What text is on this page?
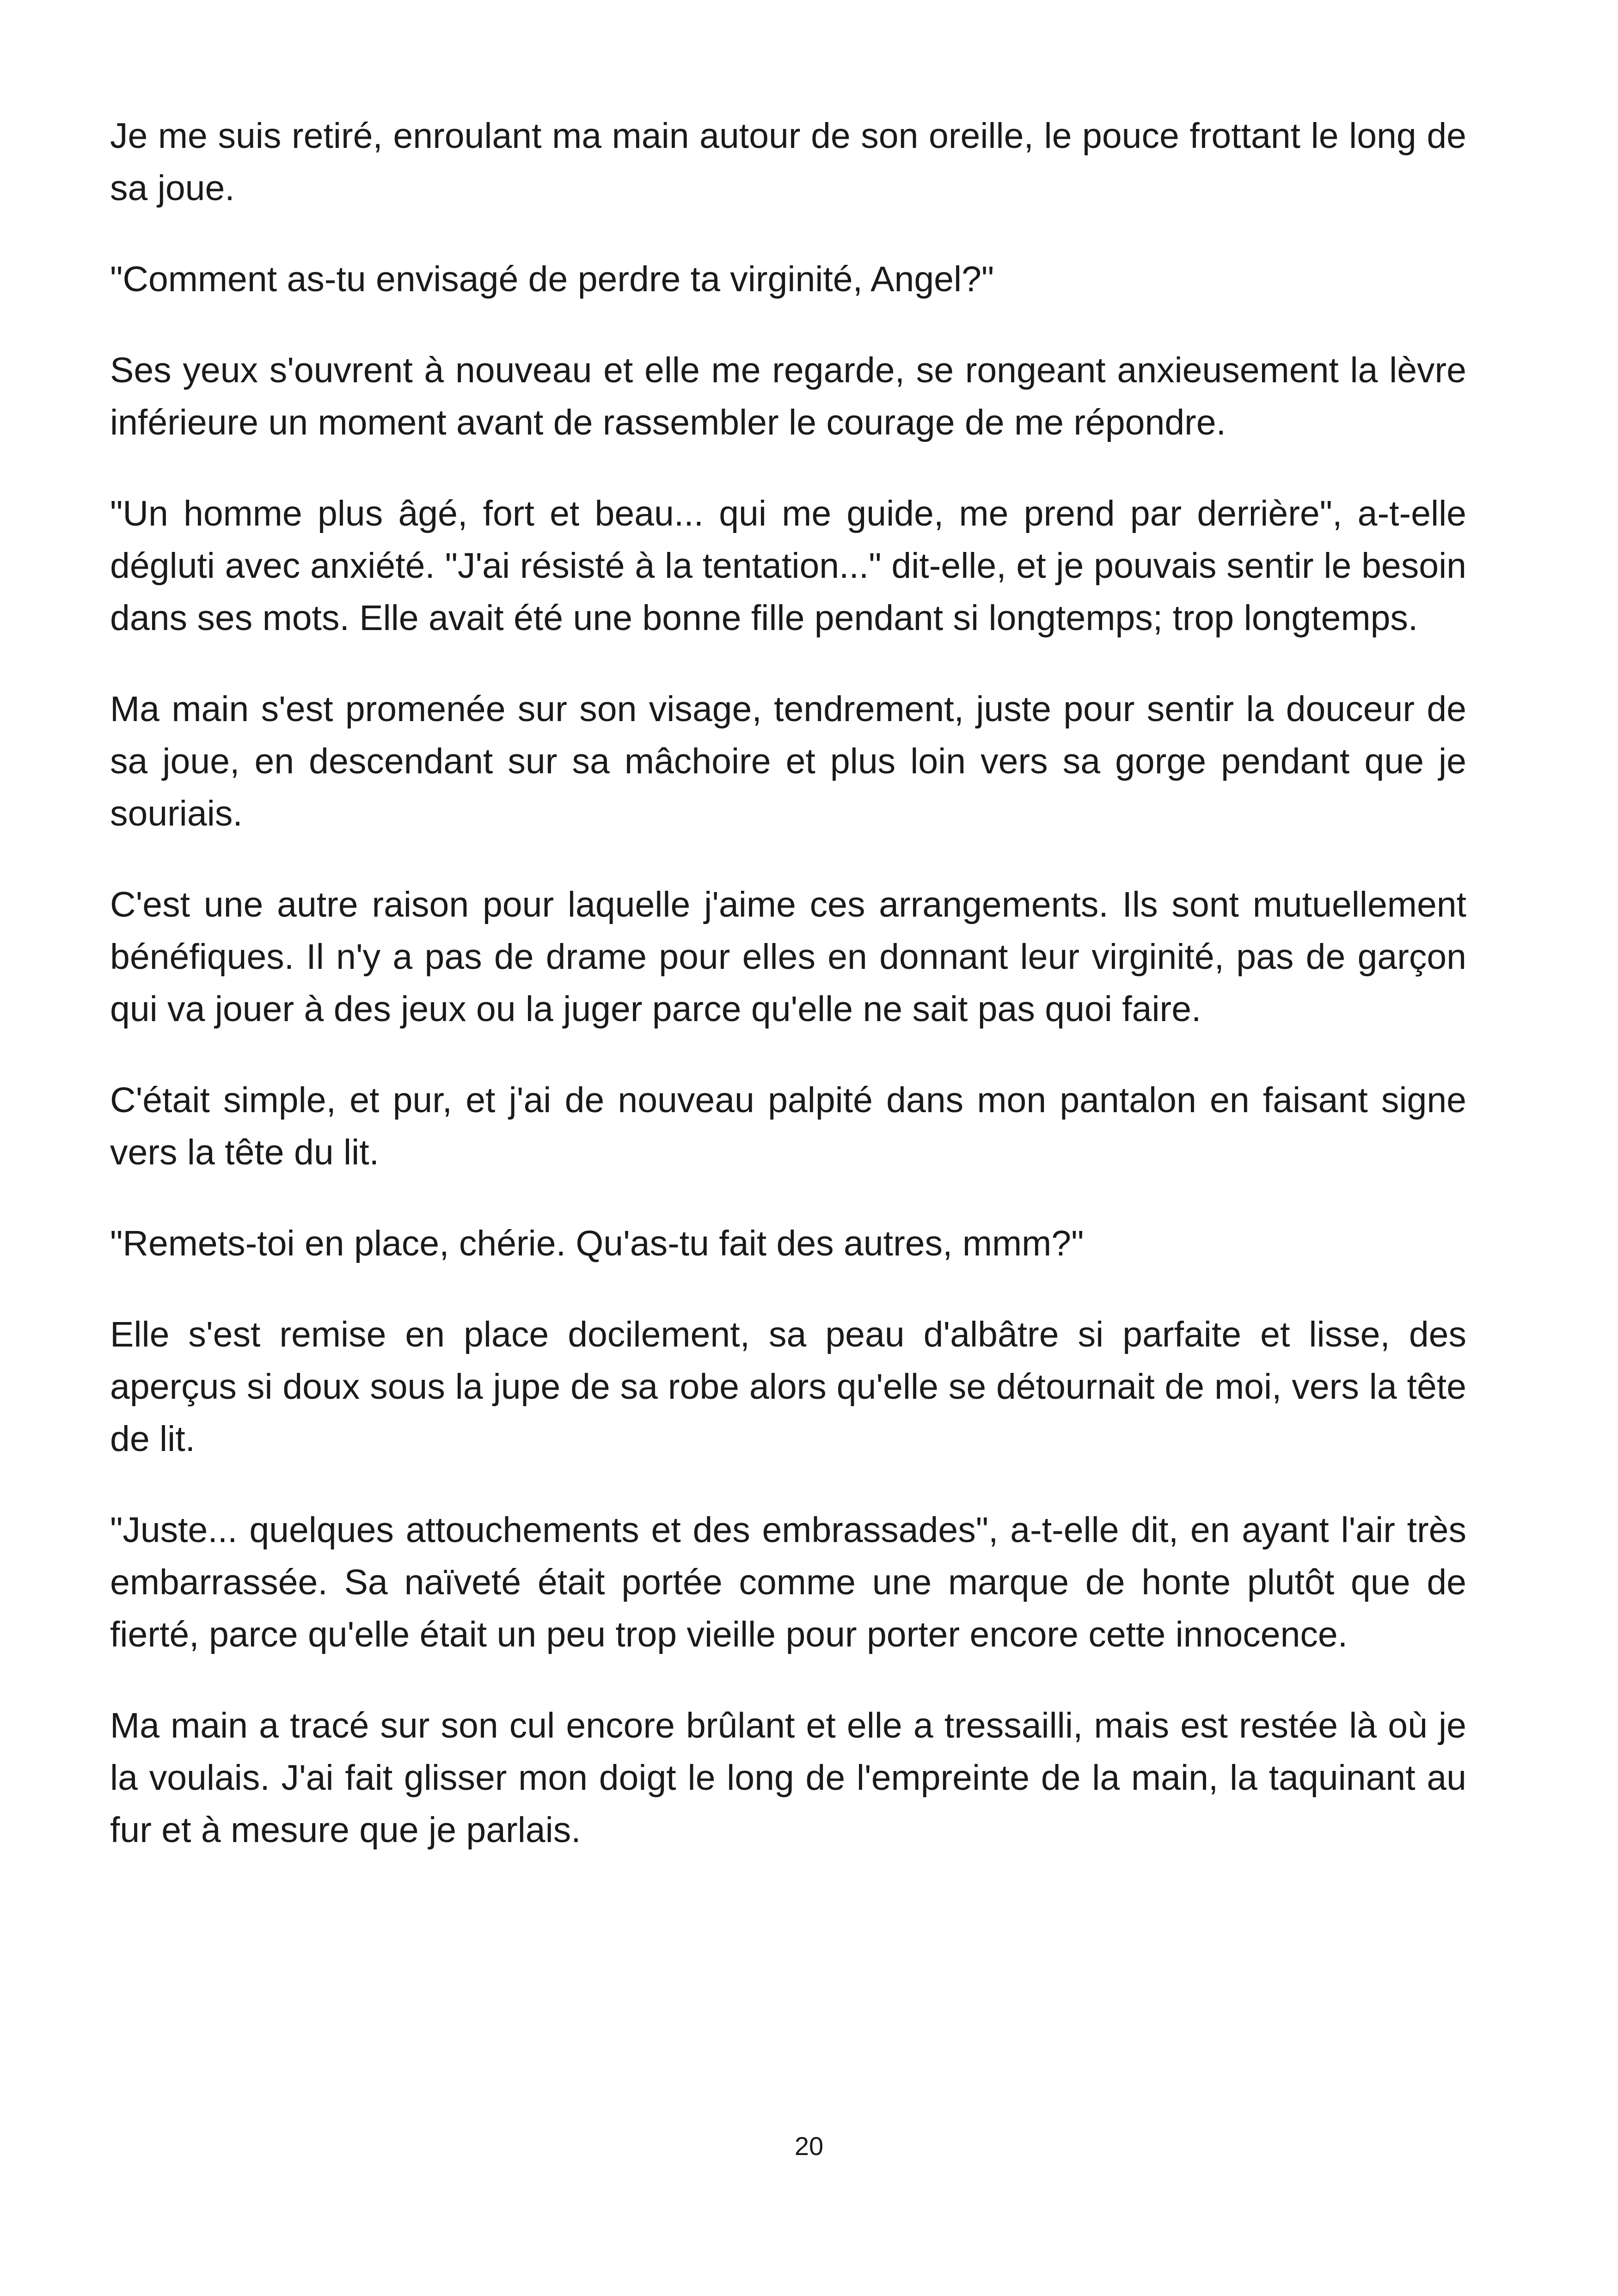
Je me suis retiré, enroulant ma main autour de son oreille, le pouce frottant le long de sa joue.

"Comment as-tu envisagé de perdre ta virginité, Angel?"

Ses yeux s'ouvrent à nouveau et elle me regarde, se rongeant anxieusement la lèvre inférieure un moment avant de rassembler le courage de me répondre.

"Un homme plus âgé, fort et beau... qui me guide, me prend par derrière", a-t-elle dégluti avec anxiété. "J'ai résisté à la tentation..." dit-elle, et je pouvais sentir le besoin dans ses mots. Elle avait été une bonne fille pendant si longtemps; trop longtemps.

Ma main s'est promenée sur son visage, tendrement, juste pour sentir la douceur de sa joue, en descendant sur sa mâchoire et plus loin vers sa gorge pendant que je souriais.

C'est une autre raison pour laquelle j'aime ces arrangements. Ils sont mutuellement bénéfiques. Il n'y a pas de drame pour elles en donnant leur virginité, pas de garçon qui va jouer à des jeux ou la juger parce qu'elle ne sait pas quoi faire.

C'était simple, et pur, et j'ai de nouveau palpité dans mon pantalon en faisant signe vers la tête du lit.

"Remets-toi en place, chérie. Qu'as-tu fait des autres, mmm?"

Elle s'est remise en place docilement, sa peau d'albâtre si parfaite et lisse, des aperçus si doux sous la jupe de sa robe alors qu'elle se détournait de moi, vers la tête de lit.

"Juste... quelques attouchements et des embrassades", a-t-elle dit, en ayant l'air très embarrassée. Sa naïveté était portée comme une marque de honte plutôt que de fierté, parce qu'elle était un peu trop vieille pour porter encore cette innocence.

Ma main a tracé sur son cul encore brûlant et elle a tressailli, mais est restée là où je la voulais. J'ai fait glisser mon doigt le long de l'empreinte de la main, la taquinant au fur et à mesure que je parlais.

20
